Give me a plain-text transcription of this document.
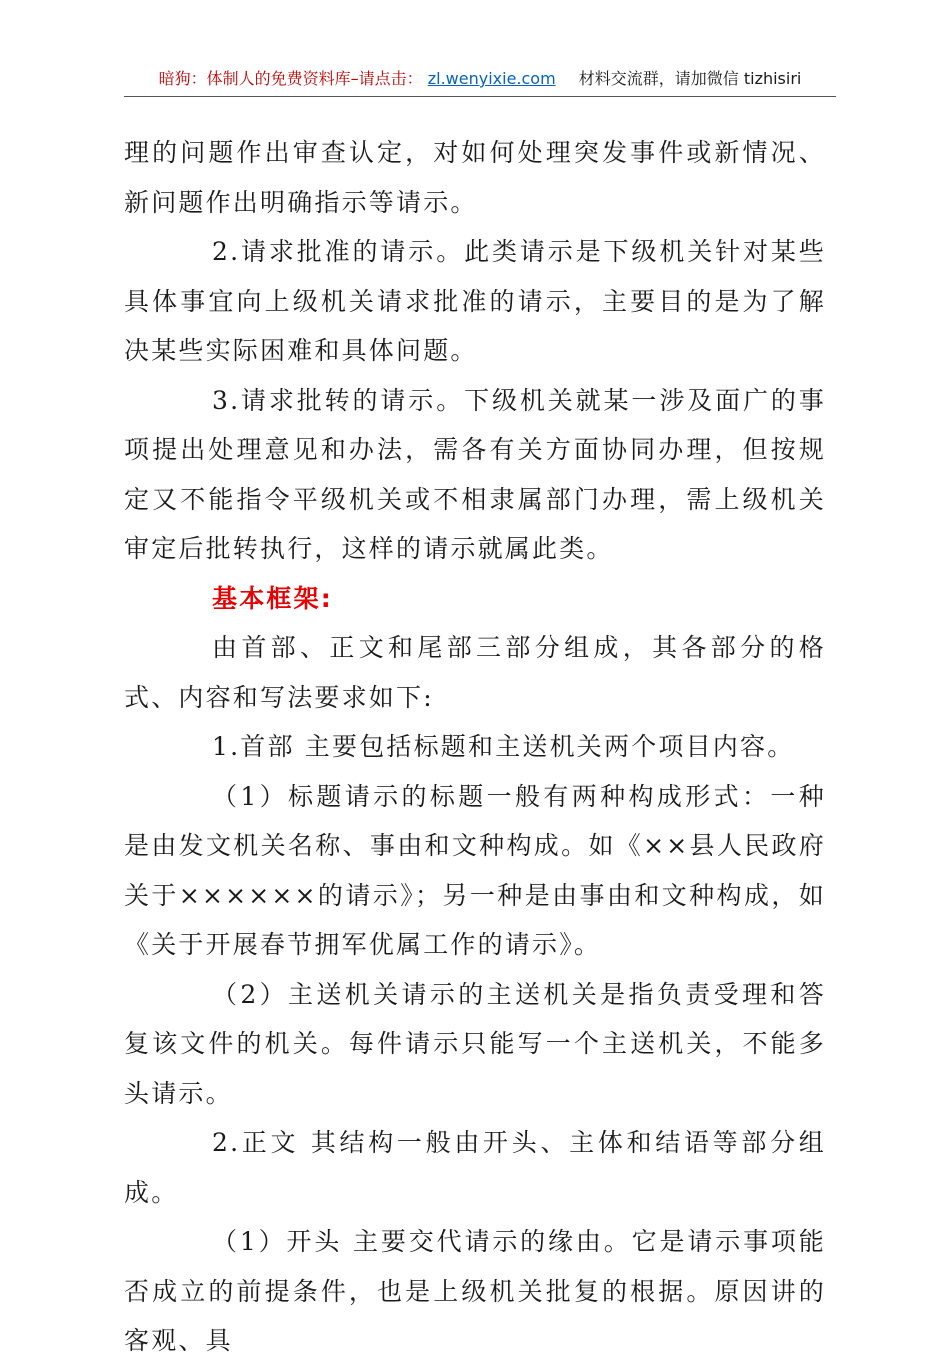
暗狗：体制人的免费资料库–请点击： zl.wenyixie.com 材料交流群，请加微信 tizhisiri

理的问题作出审查认定，对如何处理突发事件或新情况、新问题作出明确指示等请示。

2.请求批准的请示。此类请示是下级机关针对某些具体事宜向上级机关请求批准的请示，主要目的是为了解决某些实际困难和具体问题。

3.请求批转的请示。下级机关就某一涉及面广的事项提出处理意见和办法，需各有关方面协同办理，但按规定又不能指令平级机关或不相隶属部门办理，需上级机关审定后批转执行，这样的请示就属此类。

基本框架:

由首部、正文和尾部三部分组成，其各部分的格式、内容和写法要求如下:

1.首部 主要包括标题和主送机关两个项目内容。

（1）标题请示的标题一般有两种构成形式：一种是由发文机关名称、事由和文种构成。如《××县人民政府关于××××××的请示》；另一种是由事由和文种构成，如《关于开展春节拥军优属工作的请示》。

（2）主送机关请示的主送机关是指负责受理和答复该文件的机关。每件请示只能写一个主送机关，不能多头请示。

2.正文 其结构一般由开头、主体和结语等部分组成。

（1）开头 主要交代请示的缘由。它是请示事项能否成立的前提条件，也是上级机关批复的根据。原因讲的客观、具
